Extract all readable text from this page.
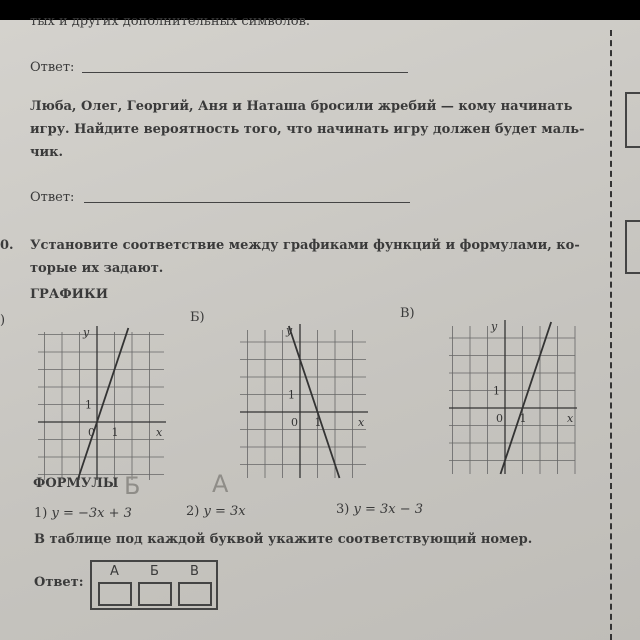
тых и других дополнительных символов.
Ответ:
Люба, Олег, Георгий, Аня и Наташа бросили жребий — кому начинать
игру. Найдите вероятность того, что начинать игру должен будет маль-
чик.
Ответ:
0. Установите соответствие между графиками функций и формулами, ко-
торые их задают.
ГРАФИКИ
)	Б)	В)
y
x
0 1
1
y
x
0 1
1
y
x
0 1
1
ФОРМУЛЫ
1) y = −3x + 3	2) y = 3x	3) y = 3x − 3
Б	А
В таблице под каждой буквой укажите соответствующий номер.
Ответ:
А Б В
